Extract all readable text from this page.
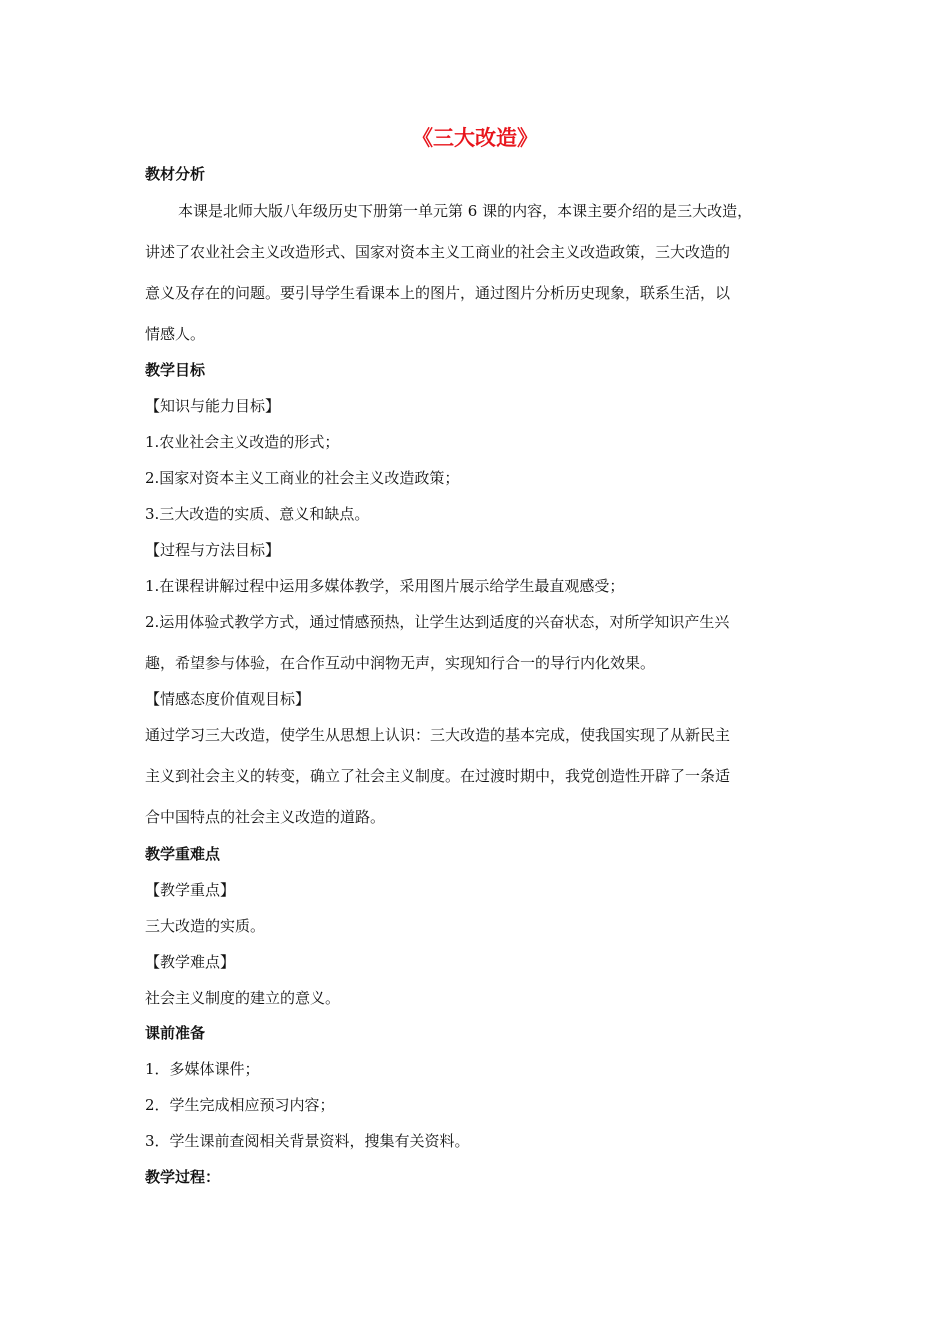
《三大改造》
教材分析
本课是北师大版八年级历史下册第一单元第 6 课的内容，本课主要介绍的是三大改造，
讲述了农业社会主义改造形式、国家对资本主义工商业的社会主义改造政策，三大改造的
意义及存在的问题。要引导学生看课本上的图片，通过图片分析历史现象，联系生活，以
情感人。
教学目标
【知识与能力目标】
1.农业社会主义改造的形式；
2.国家对资本主义工商业的社会主义改造政策；
3.三大改造的实质、意义和缺点。
【过程与方法目标】
1.在课程讲解过程中运用多媒体教学，采用图片展示给学生最直观感受；
2.运用体验式教学方式，通过情感预热，让学生达到适度的兴奋状态，对所学知识产生兴
趣，希望参与体验，在合作互动中润物无声，实现知行合一的导行内化效果。
【情感态度价值观目标】
通过学习三大改造，使学生从思想上认识：三大改造的基本完成，使我国实现了从新民主
主义到社会主义的转变，确立了社会主义制度。在过渡时期中，我党创造性开辟了一条适
合中国特点的社会主义改造的道路。
教学重难点
【教学重点】
三大改造的实质。
【教学难点】
社会主义制度的建立的意义。
课前准备
1．多媒体课件；
2．学生完成相应预习内容；
3．学生课前查阅相关背景资料，搜集有关资料。
教学过程：
